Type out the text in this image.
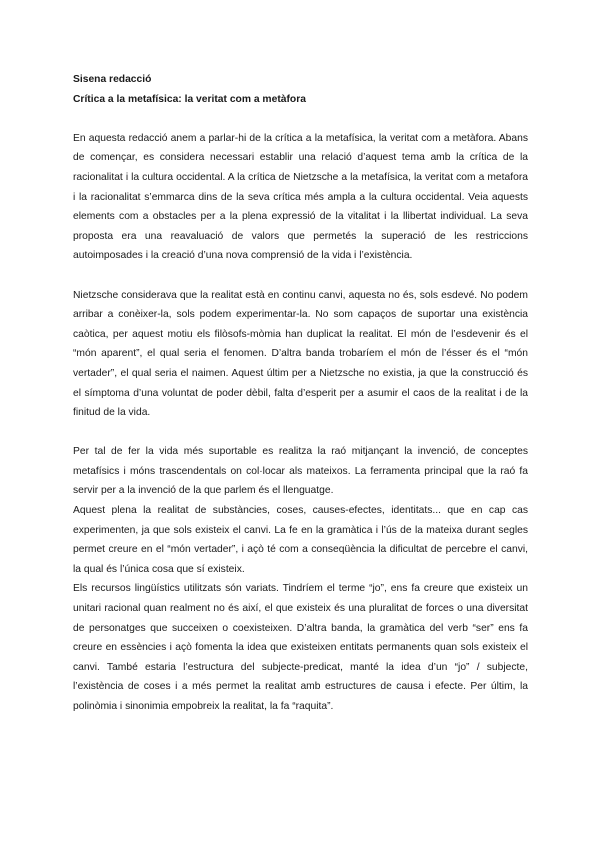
Sisena redacció

Crítica a la metafísica: la veritat com a metàfora

En aquesta redacció anem a parlar-hi de la crítica a la metafísica, la veritat com a metàfora. Abans de començar, es considera necessari establir una relació d’aquest tema amb la crítica de la racionalitat i la cultura occidental. A la crítica de Nietzsche a la metafísica, la veritat com a metafora i la racionalitat s’emmarca dins de la seva crítica més ampla a la cultura occidental. Veia aquests elements com a obstacles per a la plena expressió de la vitalitat i la llibertat individual. La seva proposta era una reavaluació de valors que permetés la superació de les restriccions autoimposades i la creació d’una nova comprensió de la vida i l’existència.

Nietzsche considerava que la realitat està en continu canvi, aquesta no és, sols esdevé. No podem arribar a conèixer-la, sols podem experimentar-la. No som capaços de suportar una existència caòtica, per aquest motiu els filòsofs-mòmia han duplicat la realitat. El món de l’esdevenir és el “món aparent”, el qual seria el fenomen. D’altra banda trobaríem el món de l’ésser és el “món vertader”, el qual seria el naimen. Aquest últim per a Nietzsche no existia, ja que la construcció és el símptoma d’una voluntat de poder dèbil, falta d’esperit per a asumir el caos de la realitat i de la finitud de la vida.

Per tal de fer la vida més suportable es realitza la raó mitjançant la invenció, de conceptes metafísics i móns trascendentals on col·locar als mateixos. La ferramenta principal que la raó fa servir per a la invenció de la que parlem és el llenguatge.

Aquest plena la realitat de substàncies, coses, causes-efectes, identitats... que en cap cas experimenten, ja que sols existeix el canvi. La fe en la gramàtica i l’ús de la mateixa durant segles permet creure en el “món vertader”, i açò té com a conseqüència la dificultat de percebre el canvi, la qual és l’única cosa que sí existeix.

Els recursos lingüístics utilitzats són variats. Tindríem el terme “jo”, ens fa creure que existeix un unitari racional quan realment no és així, el que existeix és una pluralitat de forces o una diversitat de personatges que succeixen o coexisteixen. D’altra banda, la gramàtica del verb “ser” ens fa creure en essències i açò fomenta la idea que existeixen entitats permanents quan sols existeix el canvi. També estaria l’estructura del subjecte-predicat, manté la idea d’un “jo” / subjecte, l’existència de coses i a més permet la realitat amb estructures de causa i efecte. Per últim, la polinòmia i sinonimia empobreix la realitat, la fa “raquita”.
